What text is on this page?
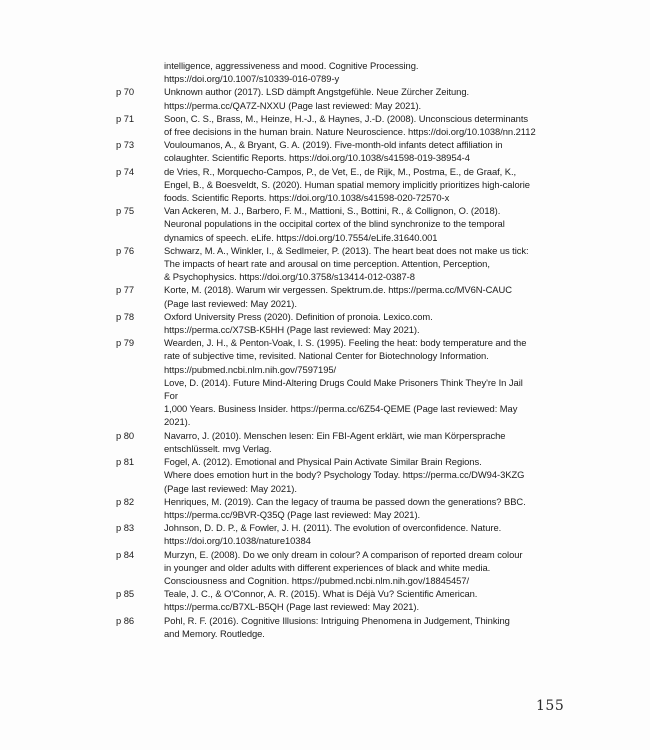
intelligence, aggressiveness and mood. Cognitive Processing.
https://doi.org/10.1007/s10339-016-0789-y
p 70	Unknown author (2017). LSD dämpft Angstgefühle. Neue Zürcher Zeitung.
https://perma.cc/QA7Z-NXXU (Page last reviewed: May 2021).
p 71	Soon, C. S., Brass, M., Heinze, H.-J., & Haynes, J.-D. (2008). Unconscious determinants
of free decisions in the human brain. Nature Neuroscience. https://doi.org/10.1038/nn.2112
p 73	Vouloumanos, A., & Bryant, G. A. (2019). Five-month-old infants detect affiliation in
colaughter. Scientific Reports. https://doi.org/10.1038/s41598-019-38954-4
p 74	de Vries, R., Morquecho-Campos, P., de Vet, E., de Rijk, M., Postma, E., de Graaf, K.,
Engel, B., & Boesveldt, S. (2020). Human spatial memory implicitly prioritizes high-calorie
foods. Scientific Reports. https://doi.org/10.1038/s41598-020-72570-x
p 75	Van Ackeren, M. J., Barbero, F. M., Mattioni, S., Bottini, R., & Collignon, O. (2018).
Neuronal populations in the occipital cortex of the blind synchronize to the temporal
dynamics of speech. eLife. https://doi.org/10.7554/eLife.31640.001
p 76	Schwarz, M. A., Winkler, I., & Sedlmeier, P. (2013). The heart beat does not make us tick:
The impacts of heart rate and arousal on time perception. Attention, Perception,
& Psychophysics. https://doi.org/10.3758/s13414-012-0387-8
p 77	Korte, M. (2018). Warum wir vergessen. Spektrum.de. https://perma.cc/MV6N-CAUC
(Page last reviewed: May 2021).
p 78	Oxford University Press (2020). Definition of pronoia. Lexico.com.
https://perma.cc/X7SB-K5HH (Page last reviewed: May 2021).
p 79	Wearden, J. H., & Penton-Voak, I. S. (1995). Feeling the heat: body temperature and the
rate of subjective time, revisited. National Center for Biotechnology Information.
https://pubmed.ncbi.nlm.nih.gov/7597195/
Love, D. (2014). Future Mind-Altering Drugs Could Make Prisoners Think They're In Jail For
1,000 Years. Business Insider. https://perma.cc/6Z54-QEME (Page last reviewed: May 2021).
p 80	Navarro, J. (2010). Menschen lesen: Ein FBI-Agent erklärt, wie man Körpersprache
entschlüsselt. mvg Verlag.
p 81	Fogel, A. (2012). Emotional and Physical Pain Activate Similar Brain Regions.
Where does emotion hurt in the body? Psychology Today. https://perma.cc/DW94-3KZG
(Page last reviewed: May 2021).
p 82	Henriques, M. (2019). Can the legacy of trauma be passed down the generations? BBC.
https://perma.cc/9BVR-Q35Q (Page last reviewed: May 2021).
p 83	Johnson, D. D. P., & Fowler, J. H. (2011). The evolution of overconfidence. Nature.
https://doi.org/10.1038/nature10384
p 84	Murzyn, E. (2008). Do we only dream in colour? A comparison of reported dream colour
in younger and older adults with different experiences of black and white media.
Consciousness and Cognition. https://pubmed.ncbi.nlm.nih.gov/18845457/
p 85	Teale, J. C., & O'Connor, A. R. (2015). What is Déjà Vu? Scientific American.
https://perma.cc/B7XL-B5QH (Page last reviewed: May 2021).
p 86	Pohl, R. F. (2016). Cognitive Illusions: Intriguing Phenomena in Judgement, Thinking
and Memory. Routledge.
155
